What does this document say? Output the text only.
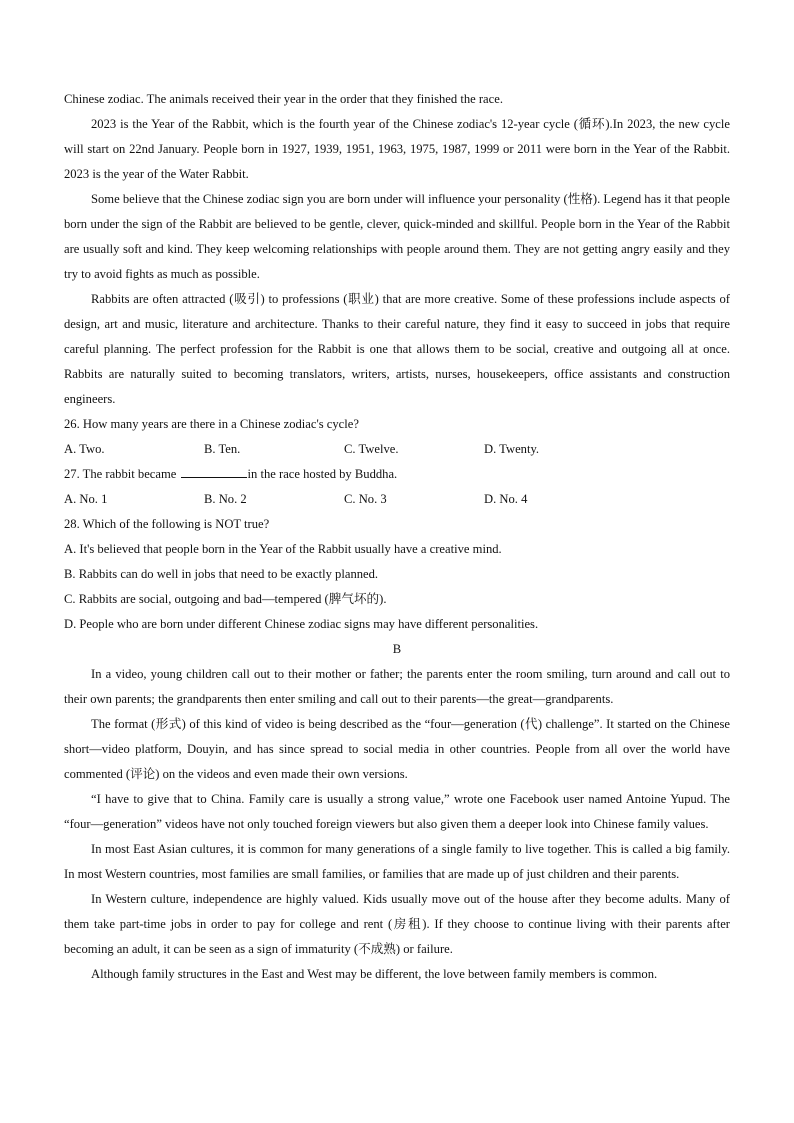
Chinese zodiac. The animals received their year in the order that they finished the race.

2023 is the Year of the Rabbit, which is the fourth year of the Chinese zodiac's 12-year cycle (循环).In 2023, the new cycle will start on 22nd January. People born in 1927, 1939, 1951, 1963, 1975, 1987, 1999 or 2011 were born in the Year of the Rabbit. 2023 is the year of the Water Rabbit.

Some believe that the Chinese zodiac sign you are born under will influence your personality (性格). Legend has it that people born under the sign of the Rabbit are believed to be gentle, clever, quick-minded and skillful. People born in the Year of the Rabbit are usually soft and kind. They keep welcoming relationships with people around them. They are not getting angry easily and they try to avoid fights as much as possible.

Rabbits are often attracted (吸引) to professions (职业) that are more creative. Some of these professions include aspects of design, art and music, literature and architecture. Thanks to their careful nature, they find it easy to succeed in jobs that require careful planning. The perfect profession for the Rabbit is one that allows them to be social, creative and outgoing all at once. Rabbits are naturally suited to becoming translators, writers, artists, nurses, housekeepers, office assistants and construction engineers.

26. How many years are there in a Chinese zodiac's cycle?
A. Two.	B. Ten.	C. Twelve.	D. Twenty.
27. The rabbit became	in the race hosted by Buddha.
A. No. 1	B. No. 2	C. No. 3	D. No. 4
28. Which of the following is NOT true?
A. It's believed that people born in the Year of the Rabbit usually have a creative mind.
B. Rabbits can do well in jobs that need to be exactly planned.
C. Rabbits are social, outgoing and bad—tempered (脾气坏的).
D. People who are born under different Chinese zodiac signs may have different personalities.
B

In a video, young children call out to their mother or father; the parents enter the room smiling, turn around and call out to their own parents; the grandparents then enter smiling and call out to their parents—the great—grandparents.

The format (形式) of this kind of video is being described as the “four—generation (代) challenge”. It started on the Chinese short—video platform, Douyin, and has since spread to social media in other countries. People from all over the world have commented (评论) on the videos and even made their own versions.

“I have to give that to China. Family care is usually a strong value,” wrote one Facebook user named Antoine Yupud. The “four—generation” videos have not only touched foreign viewers but also given them a deeper look into Chinese family values.

In most East Asian cultures, it is common for many generations of a single family to live together. This is called a big family. In most Western countries, most families are small families, or families that are made up of just children and their parents.

In Western culture, independence are highly valued. Kids usually move out of the house after they become adults. Many of them take part-time jobs in order to pay for college and rent (房租). If they choose to continue living with their parents after becoming an adult, it can be seen as a sign of immaturity (不成熟) or failure.

Although family structures in the East and West may be different, the love between family members is common.
